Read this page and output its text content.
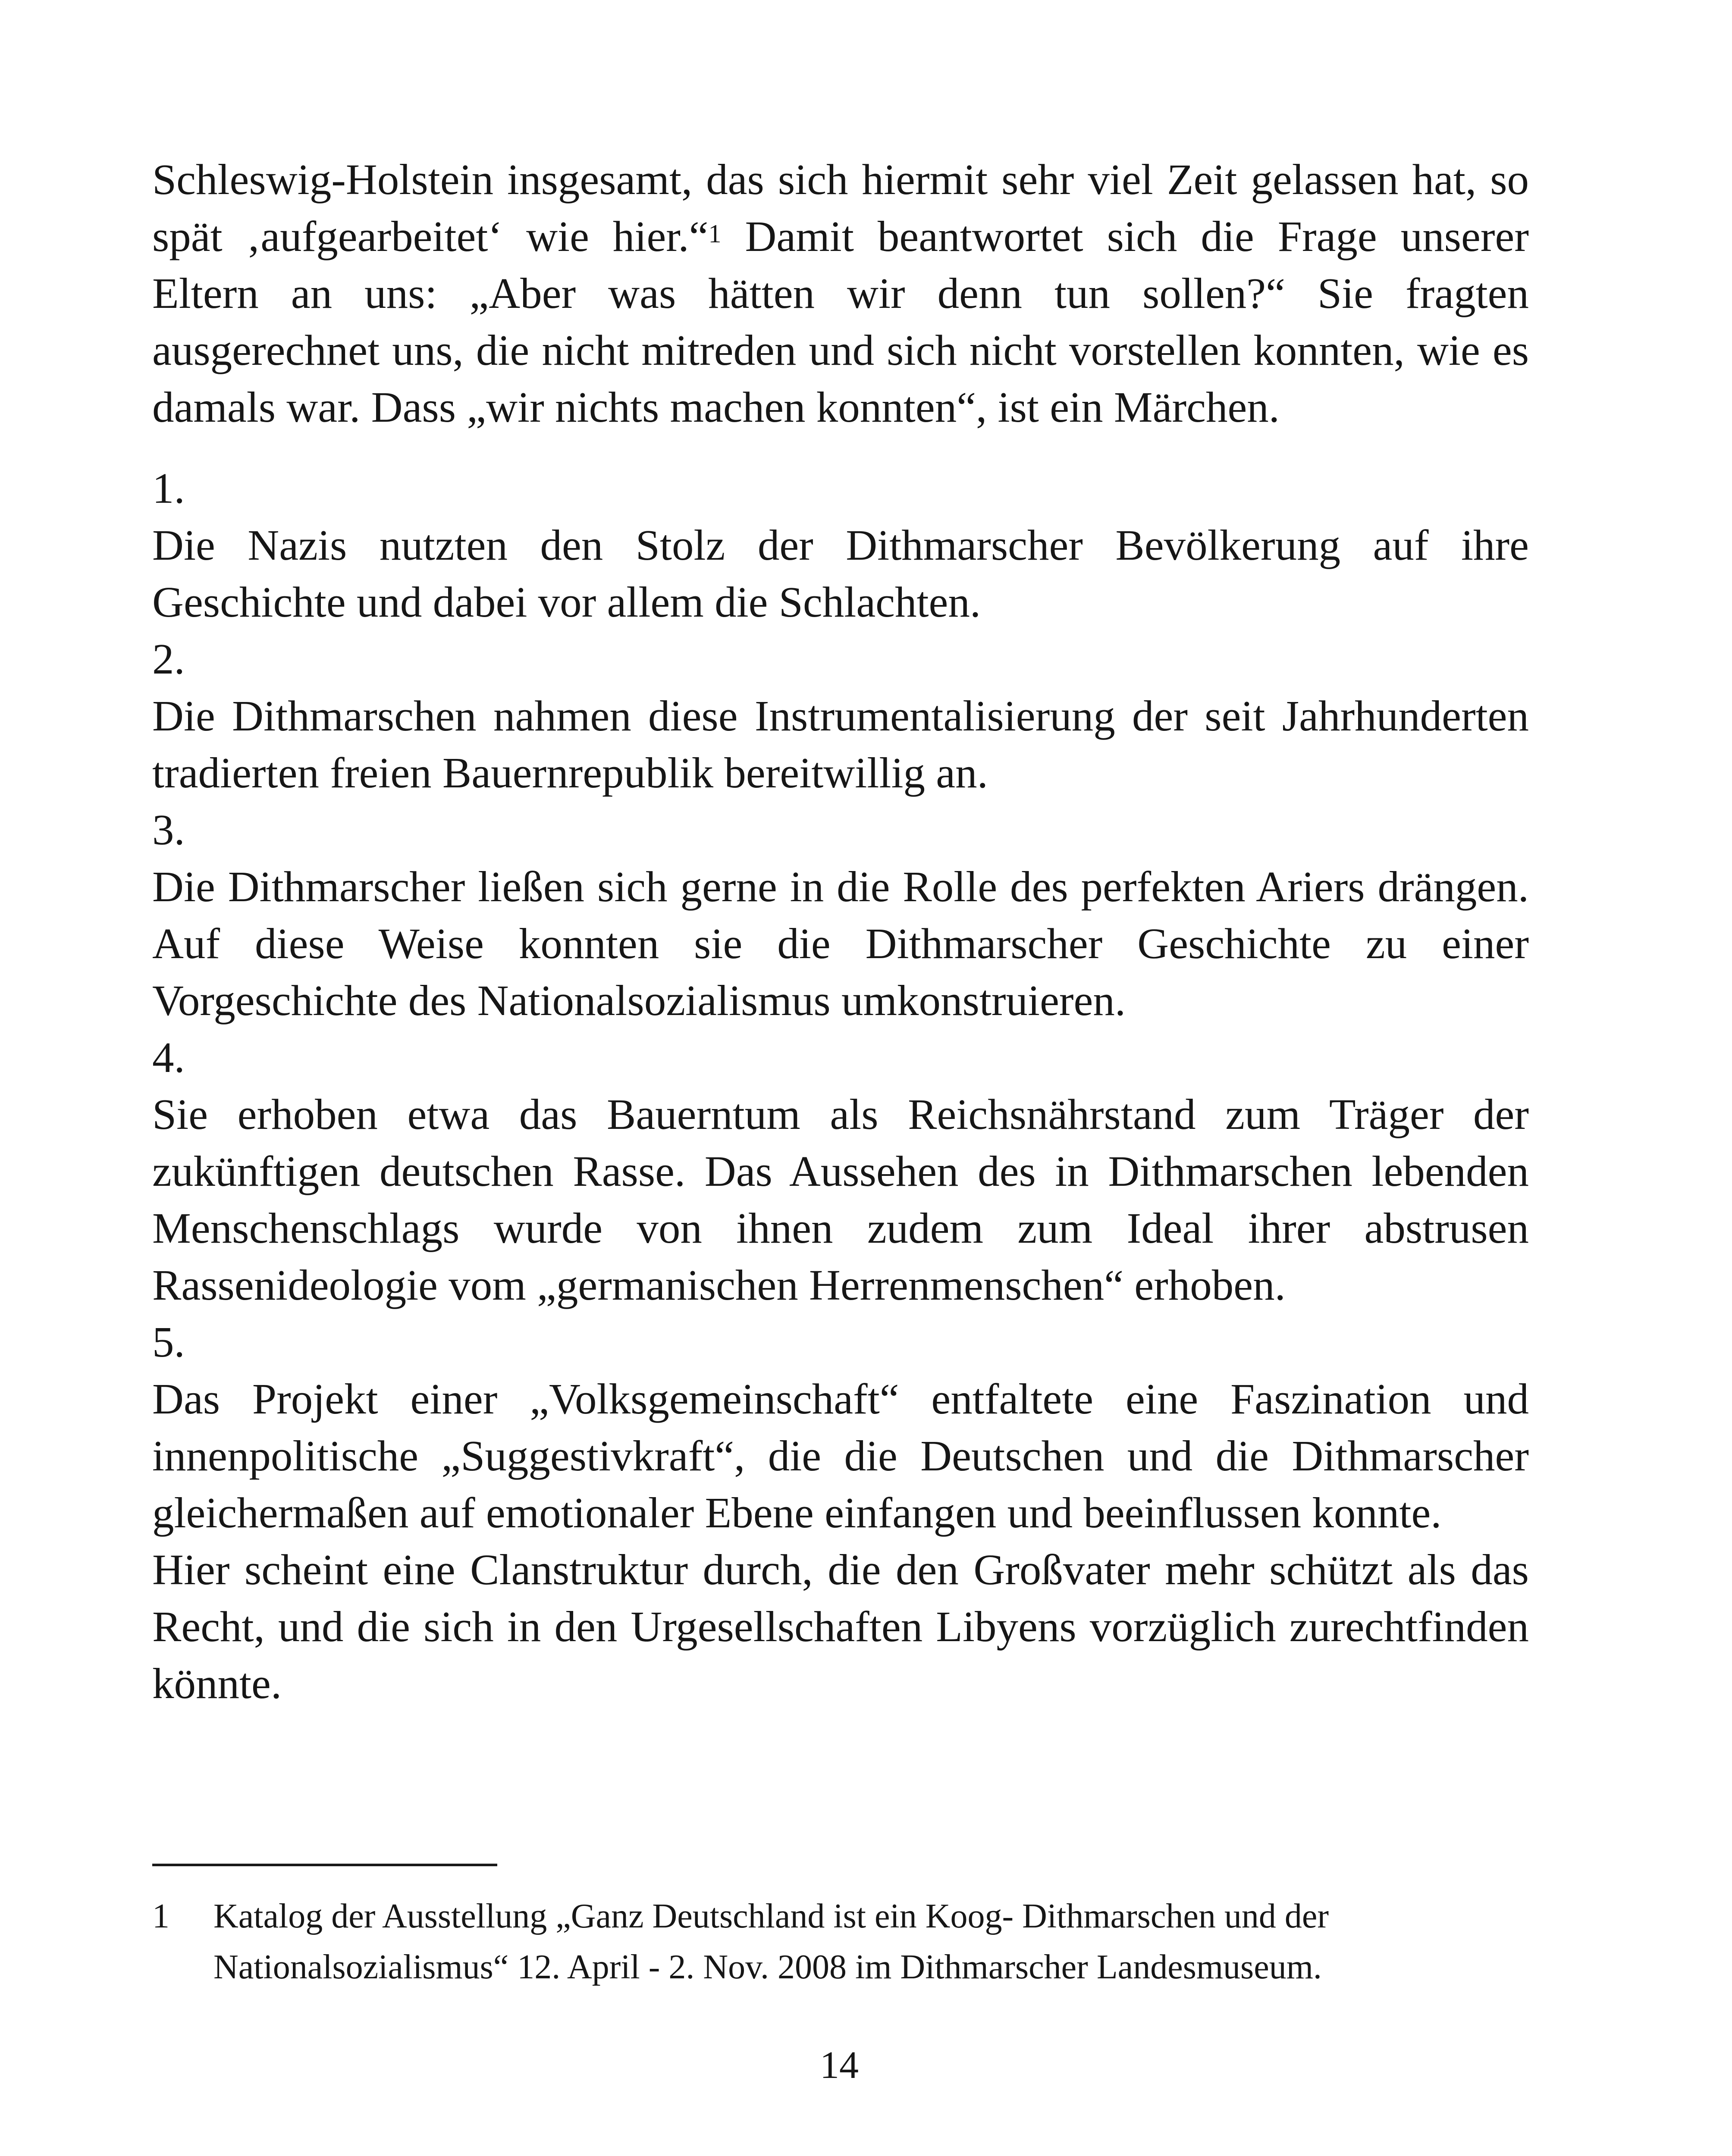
Schleswig-Holstein insgesamt, das sich hiermit sehr viel Zeit gelassen hat, so spät ‚aufgearbeitet‘ wie hier.“$^1$ Damit beantwortet sich die Frage unserer Eltern an uns: „Aber was hätten wir denn tun sollen?“ Sie fragten ausgerechnet uns, die nicht mitreden und sich nicht vorstellen konnten, wie es damals war. Dass „wir nichts machen konnten“, ist ein Märchen.

1.

Die Nazis nutzten den Stolz der Dithmarscher Bevölkerung auf ihre Geschichte und dabei vor allem die Schlachten.

2.

Die Dithmarschen nahmen diese Instrumentalisierung der seit Jahrhunderten tradierten freien Bauernrepublik bereitwillig an.

3.

Die Dithmarscher ließen sich gerne in die Rolle des perfekten Ariers drängen. Auf diese Weise konnten sie die Dithmarscher Geschichte zu einer Vorgeschichte des Nationalsozialismus umkonstruieren.

4.

Sie erhoben etwa das Bauerntum als Reichsnährstand zum Träger der zukünftigen deutschen Rasse. Das Aussehen des in Dithmarschen lebenden Menschenschlags wurde von ihnen zudem zum Ideal ihrer abstrusen Rassenideologie vom „germanischen Herrenmenschen“ erhoben.

5.

Das Projekt einer „Volksgemeinschaft“ entfaltete eine Faszination und innenpolitische „Suggestivkraft“, die die Deutschen und die Dithmarscher gleichermaßen auf emotionaler Ebene einfangen und beeinflussen konnte.

Hier scheint eine Clanstruktur durch, die den Großvater mehr schützt als das Recht, und die sich in den Urgesellschaften Libyens vorzüglich zurechtfinden könnte.

1 Katalog der Ausstellung „Ganz Deutschland ist ein Koog- Dithmarschen und der Nationalsozialismus“ 12. April - 2. Nov. 2008 im Dithmarscher Landesmuseum.
14
